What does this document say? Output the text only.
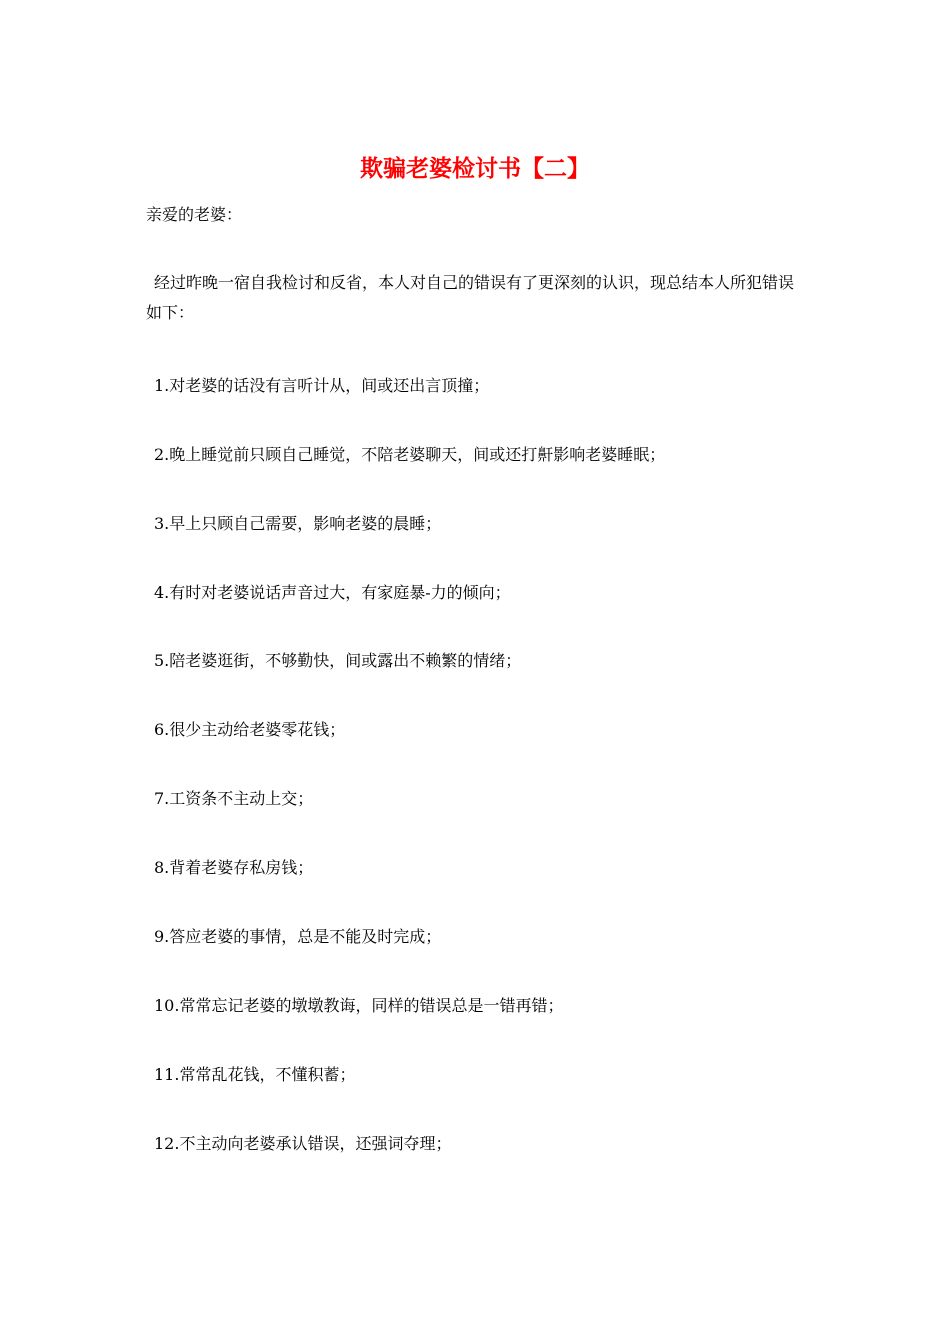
欺骗老婆检讨书【二】
亲爱的老婆：
经过昨晚一宿自我检讨和反省，本人对自己的错误有了更深刻的认识，现总结本人所犯错误如下：
1.对老婆的话没有言听计从，间或还出言顶撞；
2.晚上睡觉前只顾自己睡觉，不陪老婆聊天，间或还打鼾影响老婆睡眠；
3.早上只顾自己需要，影响老婆的晨睡；
4.有时对老婆说话声音过大，有家庭暴-力的倾向；
5.陪老婆逛街，不够勤快，间或露出不赖繁的情绪；
6.很少主动给老婆零花钱；
7.工资条不主动上交；
8.背着老婆存私房钱；
9.答应老婆的事情，总是不能及时完成；
10.常常忘记老婆的墩墩教诲，同样的错误总是一错再错；
11.常常乱花钱，不懂积蓄；
12.不主动向老婆承认错误，还强词夺理；
